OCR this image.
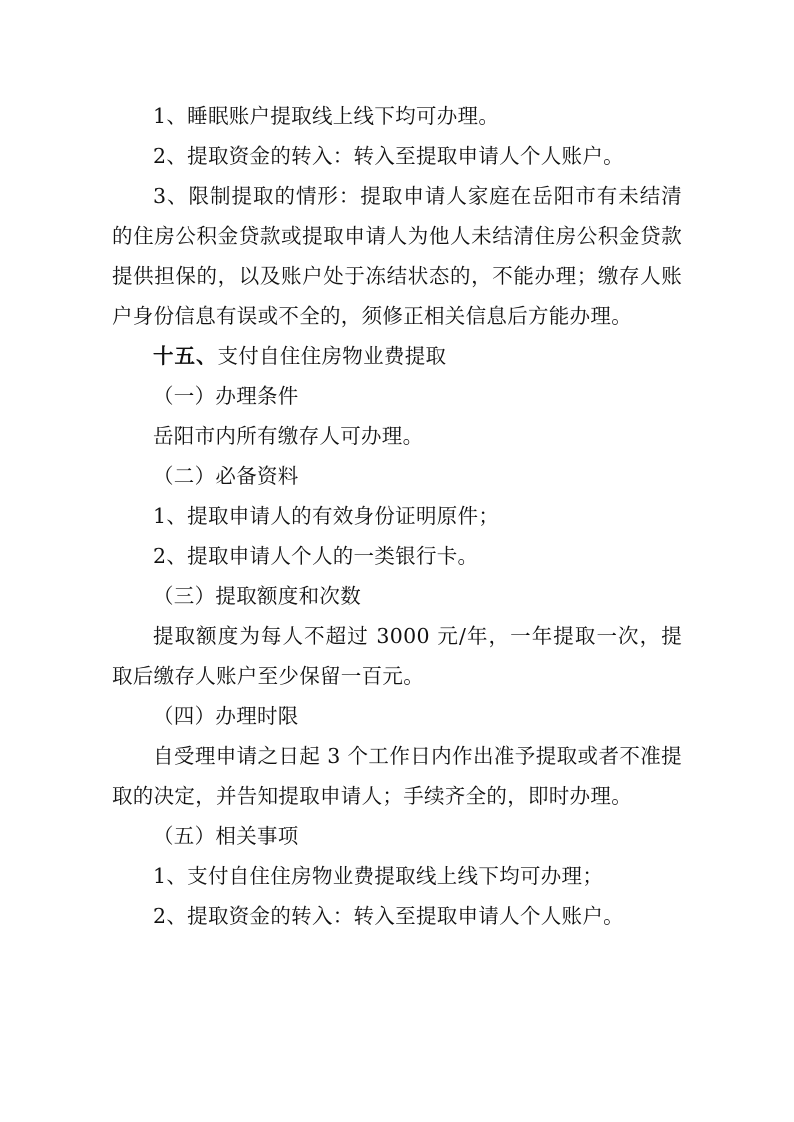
1、睡眠账户提取线上线下均可办理。

2、提取资金的转入：转入至提取申请人个人账户。

3、限制提取的情形：提取申请人家庭在岳阳市有未结清的住房公积金贷款或提取申请人为他人未结清住房公积金贷款提供担保的，以及账户处于冻结状态的，不能办理；缴存人账户身份信息有误或不全的，须修正相关信息后方能办理。

十五、支付自住住房物业费提取

（一）办理条件

岳阳市内所有缴存人可办理。

（二）必备资料

1、提取申请人的有效身份证明原件；

2、提取申请人个人的一类银行卡。

（三）提取额度和次数

提取额度为每人不超过 3000 元/年，一年提取一次，提取后缴存人账户至少保留一百元。

（四）办理时限

自受理申请之日起 3 个工作日内作出准予提取或者不准提取的决定，并告知提取申请人；手续齐全的，即时办理。

（五）相关事项

1、支付自住住房物业费提取线上线下均可办理；

2、提取资金的转入：转入至提取申请人个人账户。
